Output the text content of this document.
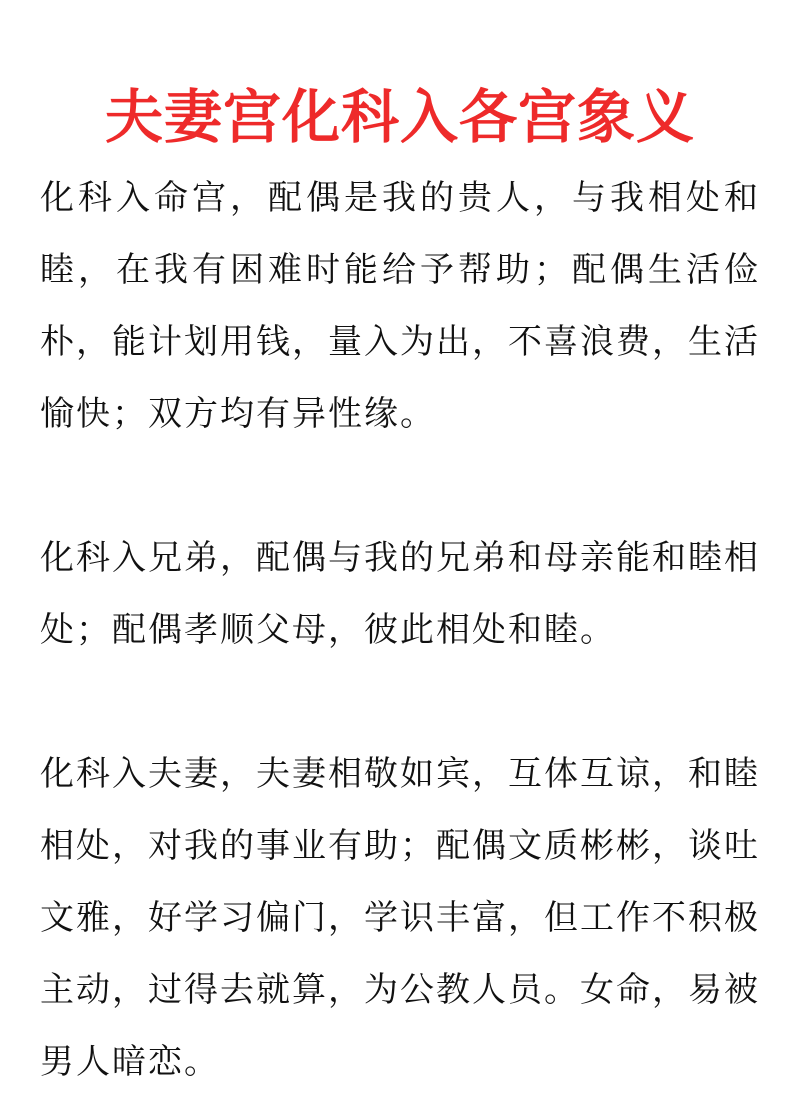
夫妻宫化科入各宫象义

化科入命宫，配偶是我的贵人，与我相处和睦，在我有困难时能给予帮助；配偶生活俭朴，能计划用钱，量入为出，不喜浪费，生活愉快；双方均有异性缘。

化科入兄弟，配偶与我的兄弟和母亲能和睦相处；配偶孝顺父母，彼此相处和睦。

化科入夫妻，夫妻相敬如宾，互体互谅，和睦相处，对我的事业有助；配偶文质彬彬，谈吐文雅，好学习偏门，学识丰富，但工作不积极主动，过得去就算，为公教人员。女命，易被男人暗恋。
